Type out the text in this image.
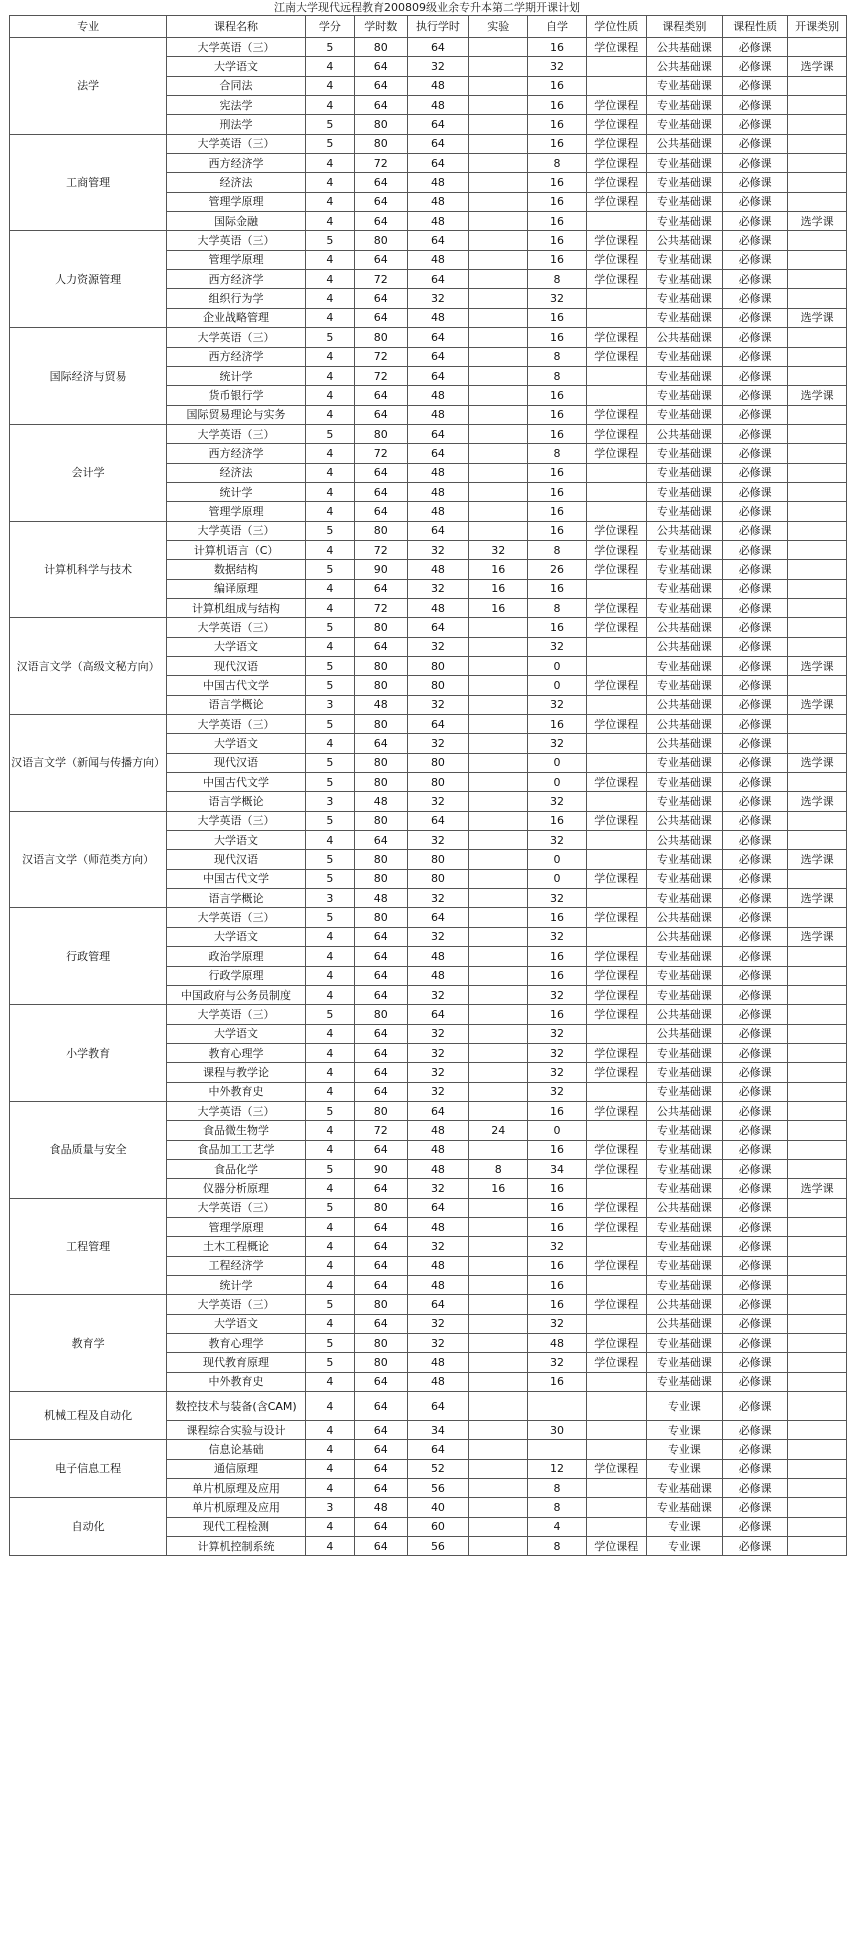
江南大学现代远程教育200809级业余专升本第二学期开课计划
专业	课程名称	学分	学时数	执行学时	实验	自学	学位性质	课程类别	课程性质	开课类别
法学	大学英语（三）	5	80	64		16	学位课程	公共基础课	必修课	
	大学语文	4	64	32		32		公共基础课	必修课	选学课
	合同法	4	64	48		16		专业基础课	必修课	
	宪法学	4	64	48		16	学位课程	专业基础课	必修课	
	刑法学	5	80	64		16	学位课程	专业基础课	必修课	
工商管理	大学英语（三）	5	80	64		16	学位课程	公共基础课	必修课	
	西方经济学	4	72	64		8	学位课程	专业基础课	必修课	
	经济法	4	64	48		16	学位课程	专业基础课	必修课	
	管理学原理	4	64	48		16	学位课程	专业基础课	必修课	
	国际金融	4	64	48		16		专业基础课	必修课	选学课
人力资源管理	大学英语（三）	5	80	64		16	学位课程	公共基础课	必修课	
	管理学原理	4	64	48		16	学位课程	专业基础课	必修课	
	西方经济学	4	72	64		8	学位课程	专业基础课	必修课	
	组织行为学	4	64	32		32		专业基础课	必修课	
	企业战略管理	4	64	48		16		专业基础课	必修课	选学课
国际经济与贸易	大学英语（三）	5	80	64		16	学位课程	公共基础课	必修课	
	西方经济学	4	72	64		8	学位课程	专业基础课	必修课	
	统计学	4	72	64		8		专业基础课	必修课	
	货币银行学	4	64	48		16		专业基础课	必修课	选学课
	国际贸易理论与实务	4	64	48		16	学位课程	专业基础课	必修课	
会计学	大学英语（三）	5	80	64		16	学位课程	公共基础课	必修课	
	西方经济学	4	72	64		8	学位课程	专业基础课	必修课	
	经济法	4	64	48		16		专业基础课	必修课	
	统计学	4	64	48		16		专业基础课	必修课	
	管理学原理	4	64	48		16		专业基础课	必修课	
计算机科学与技术	大学英语（三）	5	80	64		16	学位课程	公共基础课	必修课	
	计算机语言（C）	4	72	32	32	8	学位课程	专业基础课	必修课	
	数据结构	5	90	48	16	26	学位课程	专业基础课	必修课	
	编译原理	4	64	32	16	16		专业基础课	必修课	
	计算机组成与结构	4	72	48	16	8	学位课程	专业基础课	必修课	
汉语言文学（高级文秘方向）	大学英语（三）	5	80	64		16	学位课程	公共基础课	必修课	
	大学语文	4	64	32		32		公共基础课	必修课	
	现代汉语	5	80	80		0		专业基础课	必修课	选学课
	中国古代文学	5	80	80		0	学位课程	专业基础课	必修课	
	语言学概论	3	48	32		32		公共基础课	必修课	选学课
汉语言文学（新闻与传播方向）	大学英语（三）	5	80	64		16	学位课程	公共基础课	必修课	
	大学语文	4	64	32		32		公共基础课	必修课	
	现代汉语	5	80	80		0		专业基础课	必修课	选学课
	中国古代文学	5	80	80		0	学位课程	专业基础课	必修课	
	语言学概论	3	48	32		32		专业基础课	必修课	选学课
汉语言文学（师范类方向）	大学英语（三）	5	80	64		16	学位课程	公共基础课	必修课	
	大学语文	4	64	32		32		公共基础课	必修课	
	现代汉语	5	80	80		0		专业基础课	必修课	选学课
	中国古代文学	5	80	80		0	学位课程	专业基础课	必修课	
	语言学概论	3	48	32		32		专业基础课	必修课	选学课
行政管理	大学英语（三）	5	80	64		16	学位课程	公共基础课	必修课	
	大学语文	4	64	32		32		公共基础课	必修课	选学课
	政治学原理	4	64	48		16	学位课程	专业基础课	必修课	
	行政学原理	4	64	48		16	学位课程	专业基础课	必修课	
	中国政府与公务员制度	4	64	32		32	学位课程	专业基础课	必修课	
小学教育	大学英语（三）	5	80	64		16	学位课程	公共基础课	必修课	
	大学语文	4	64	32		32		公共基础课	必修课	
	教育心理学	4	64	32		32	学位课程	专业基础课	必修课	
	课程与教学论	4	64	32		32	学位课程	专业基础课	必修课	
	中外教育史	4	64	32		32		专业基础课	必修课	
食品质量与安全	大学英语（三）	5	80	64		16	学位课程	公共基础课	必修课	
	食品微生物学	4	72	48	24	0		专业基础课	必修课	
	食品加工工艺学	4	64	48		16	学位课程	专业基础课	必修课	
	食品化学	5	90	48	8	34	学位课程	专业基础课	必修课	
	仪器分析原理	4	64	32	16	16		专业基础课	必修课	选学课
工程管理	大学英语（三）	5	80	64		16	学位课程	公共基础课	必修课	
	管理学原理	4	64	48		16	学位课程	专业基础课	必修课	
	土木工程概论	4	64	32		32		专业基础课	必修课	
	工程经济学	4	64	48		16	学位课程	专业基础课	必修课	
	统计学	4	64	48		16		专业基础课	必修课	
教育学	大学英语（三）	5	80	64		16	学位课程	公共基础课	必修课	
	大学语文	4	64	32		32		公共基础课	必修课	
	教育心理学	5	80	32		48	学位课程	专业基础课	必修课	
	现代教育原理	5	80	48		32	学位课程	专业基础课	必修课	
	中外教育史	4	64	48		16		专业基础课	必修课	
机械工程及自动化	数控技术与装备(含CAM)	4	64	64				专业课	必修课	
	课程综合实验与设计	4	64	34		30		专业课	必修课	
电子信息工程	信息论基础	4	64	64				专业课	必修课	
	通信原理	4	64	52		12	学位课程	专业课	必修课	
	单片机原理及应用	4	64	56		8		专业基础课	必修课	
自动化	单片机原理及应用	3	48	40		8		专业基础课	必修课	
	现代工程检测	4	64	60		4		专业课	必修课	
	计算机控制系统	4	64	56		8	学位课程	专业课	必修课	
